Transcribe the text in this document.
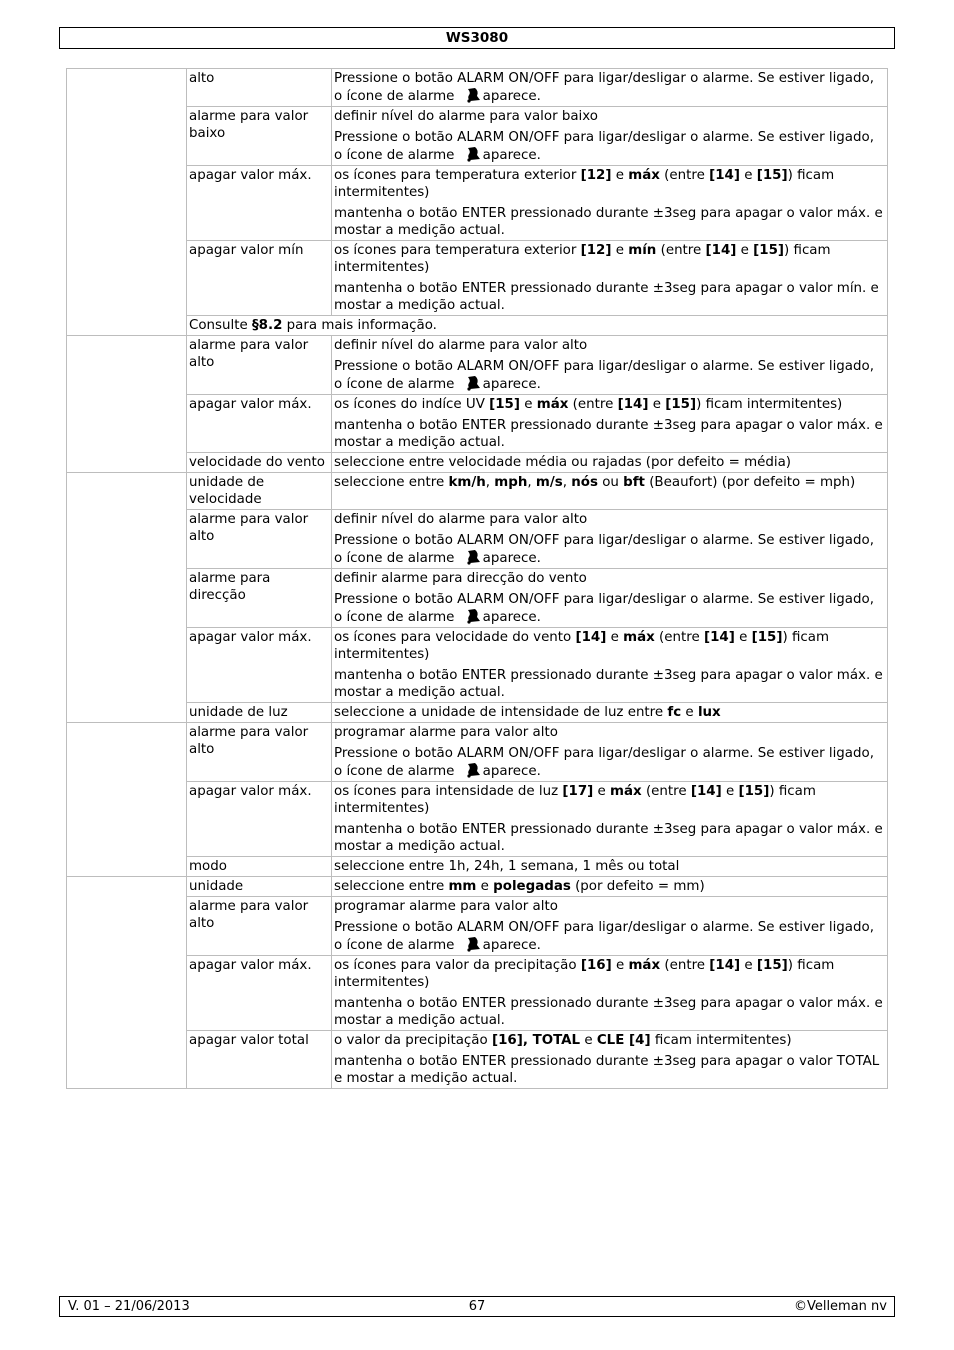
WS3080
	alto	Pressione o botão ALARM ON/OFF para ligar/desligar o alarme. Se estiver ligado, o ícone de alarme aparece.

	alarme para valor baixo	definir nível do alarme para valor baixo
Pressione o botão ALARM ON/OFF para ligar/desligar o alarme. Se estiver ligado, o ícone de alarme aparece.

	apagar valor máx.	os ícones para temperatura exterior [12] e máx (entre [14] e [15]) ficam intermitentes)
mantenha o botão ENTER pressionado durante ±3seg para apagar o valor máx. e mostar a medição actual.

	apagar valor mín	os ícones para temperatura exterior [12] e mín (entre [14] e [15]) ficam intermitentes)
mantenha o botão ENTER pressionado durante ±3seg para apagar o valor mín. e mostar a medição actual.

	Consulte §8.2 para mais informação.	

	alarme para valor alto	definir nível do alarme para valor alto
Pressione o botão ALARM ON/OFF para ligar/desligar o alarme. Se estiver ligado, o ícone de alarme aparece.

	apagar valor máx.	os ícones do indíce UV [15] e máx (entre [14] e [15]) ficam intermitentes)
mantenha o botão ENTER pressionado durante ±3seg para apagar o valor máx. e mostar a medição actual.

	velocidade do vento	seleccione entre velocidade média ou rajadas (por defeito = média)

	unidade de velocidade	seleccione entre km/h, mph, m/s, nós ou bft (Beaufort) (por defeito = mph)

	alarme para valor alto	definir nível do alarme para valor alto
Pressione o botão ALARM ON/OFF para ligar/desligar o alarme. Se estiver ligado, o ícone de alarme aparece.

	alarme para direcção	definir alarme para direcção do vento
Pressione o botão ALARM ON/OFF para ligar/desligar o alarme. Se estiver ligado, o ícone de alarme aparece.

	apagar valor máx.	os ícones para velocidade do vento [14] e máx (entre [14] e [15]) ficam intermitentes)
mantenha o botão ENTER pressionado durante ±3seg para apagar o valor máx. e mostar a medição actual.

	unidade de luz	seleccione a unidade de intensidade de luz entre fc e lux

	alarme para valor alto	programar alarme para valor alto
Pressione o botão ALARM ON/OFF para ligar/desligar o alarme. Se estiver ligado, o ícone de alarme aparece.

	apagar valor máx.	os ícones para intensidade de luz [17] e máx (entre [14] e [15]) ficam intermitentes)
mantenha o botão ENTER pressionado durante ±3seg para apagar o valor máx. e mostar a medição actual.

	modo	seleccione entre 1h, 24h, 1 semana, 1 mês ou total

	unidade	seleccione entre mm e polegadas (por defeito = mm)

	alarme para valor alto	programar alarme para valor alto
Pressione o botão ALARM ON/OFF para ligar/desligar o alarme. Se estiver ligado, o ícone de alarme aparece.

	apagar valor máx.	os ícones para valor da precipitação [16] e máx (entre [14] e [15]) ficam intermitentes)
mantenha o botão ENTER pressionado durante ±3seg para apagar o valor máx. e mostar a medição actual.

	apagar valor total	o valor da precipitação [16], TOTAL e CLE [4] ficam intermitentes)
mantenha o botão ENTER pressionado durante ±3seg para apagar o valor TOTAL e mostar a medição actual.
V. 01 – 21/06/2013	67	©Velleman nv
